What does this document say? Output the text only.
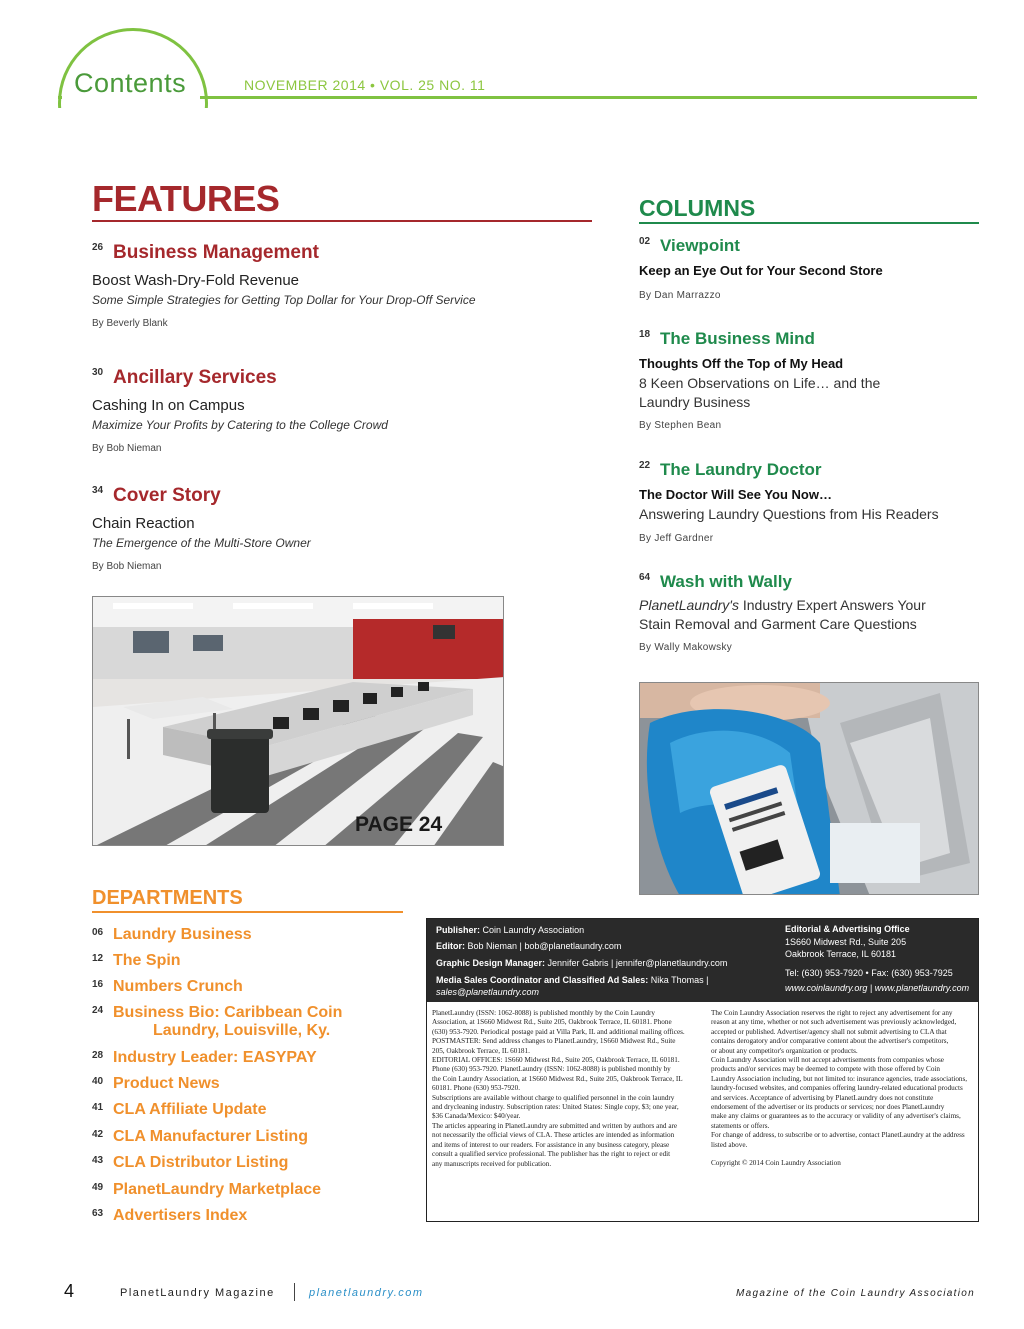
Contents	NOVEMBER 2014 • VOL. 25 NO. 11
FEATURES
26 Business Management
Boost Wash-Dry-Fold Revenue
Some Simple Strategies for Getting Top Dollar for Your Drop-Off Service
By Beverly Blank
30 Ancillary Services
Cashing In on Campus
Maximize Your Profits by Catering to the College Crowd
By Bob Nieman
34 Cover Story
Chain Reaction
The Emergence of the Multi-Store Owner
By Bob Nieman
PAGE 24
COLUMNS
02 Viewpoint
Keep an Eye Out for Your Second Store
By Dan Marrazzo
18 The Business Mind
Thoughts Off the Top of My Head
8 Keen Observations on Life… and the
Laundry Business
By Stephen Bean
22 The Laundry Doctor
The Doctor Will See You Now…
Answering Laundry Questions from His Readers
By Jeff Gardner
64 Wash with Wally
PlanetLaundry's Industry Expert Answers Your
Stain Removal and Garment Care Questions
By Wally Makowsky
DEPARTMENTS
06 Laundry Business
12 The Spin
16 Numbers Crunch
24 Business Bio: Caribbean Coin
Laundry, Louisville, Ky.
28 Industry Leader: EASYPAY
40 Product News
41 CLA Affiliate Update
42 CLA Manufacturer Listing
43 CLA Distributor Listing
49 PlanetLaundry Marketplace
63 Advertisers Index
Publisher: Coin Laundry Association
Editor: Bob Nieman | bob@planetlaundry.com
Graphic Design Manager: Jennifer Gabris | jennifer@planetlaundry.com
Media Sales Coordinator and Classified Ad Sales: Nika Thomas |
sales@planetlaundry.com
Editorial & Advertising Office
1S660 Midwest Rd., Suite 205
Oakbrook Terrace, IL 60181
Tel: (630) 953-7920 • Fax: (630) 953-7925
www.coinlaundry.org | www.planetlaundry.com
PlanetLaundry (ISSN: 1062-8088) is published monthly by the Coin Laundry
Association, at 1S660 Midwest Rd., Suite 205, Oakbrook Terrace, IL 60181. Phone
(630) 953-7920. Periodical postage paid at Villa Park, IL and additional mailing offices.
POSTMASTER: Send address changes to PlanetLaundry, 1S660 Midwest Rd., Suite
205, Oakbrook Terrace, IL 60181.
EDITORIAL OFFICES: 1S660 Midwest Rd., Suite 205, Oakbrook Terrace, IL 60181.
Phone (630) 953-7920. PlanetLaundry (ISSN: 1062-8088) is published monthly by
the Coin Laundry Association, at 1S660 Midwest Rd., Suite 205, Oakbrook Terrace, IL
60181. Phone (630) 953-7920.
Subscriptions are available without charge to qualified personnel in the coin laundry
and drycleaning industry. Subscription rates: United States: Single copy, $3; one year,
$36 Canada/Mexico: $40/year.
The articles appearing in PlanetLaundry are submitted and written by authors and are
not necessarily the official views of CLA. These articles are intended as information
and items of interest to our readers. For assistance in any business category, please
consult a qualified service professional. The publisher has the right to reject or edit
any manuscripts received for publication.
The Coin Laundry Association reserves the right to reject any advertisement for any
reason at any time, whether or not such advertisement was previously acknowledged,
accepted or published. Advertiser/agency shall not submit advertising to CLA that
contains derogatory and/or comparative content about the advertiser's competitors,
or about any competitor's organization or products.
Coin Laundry Association will not accept advertisements from companies whose
products and/or services may be deemed to compete with those offered by Coin
Laundry Association including, but not limited to: insurance agencies, trade associations,
laundry-focused websites, and companies offering laundry-related educational products
and services. Acceptance of advertising by PlanetLaundry does not constitute
endorsement of the advertiser or its products or services; nor does PlanetLaundry
make any claims or guarantees as to the accuracy or validity of any advertiser's claims,
statements or offers.
For change of address, to subscribe or to advertise, contact PlanetLaundry at the address
listed above.
Copyright © 2014 Coin Laundry Association
4	PlanetLaundry Magazine	planetlaundry.com	Magazine of the Coin Laundry Association
